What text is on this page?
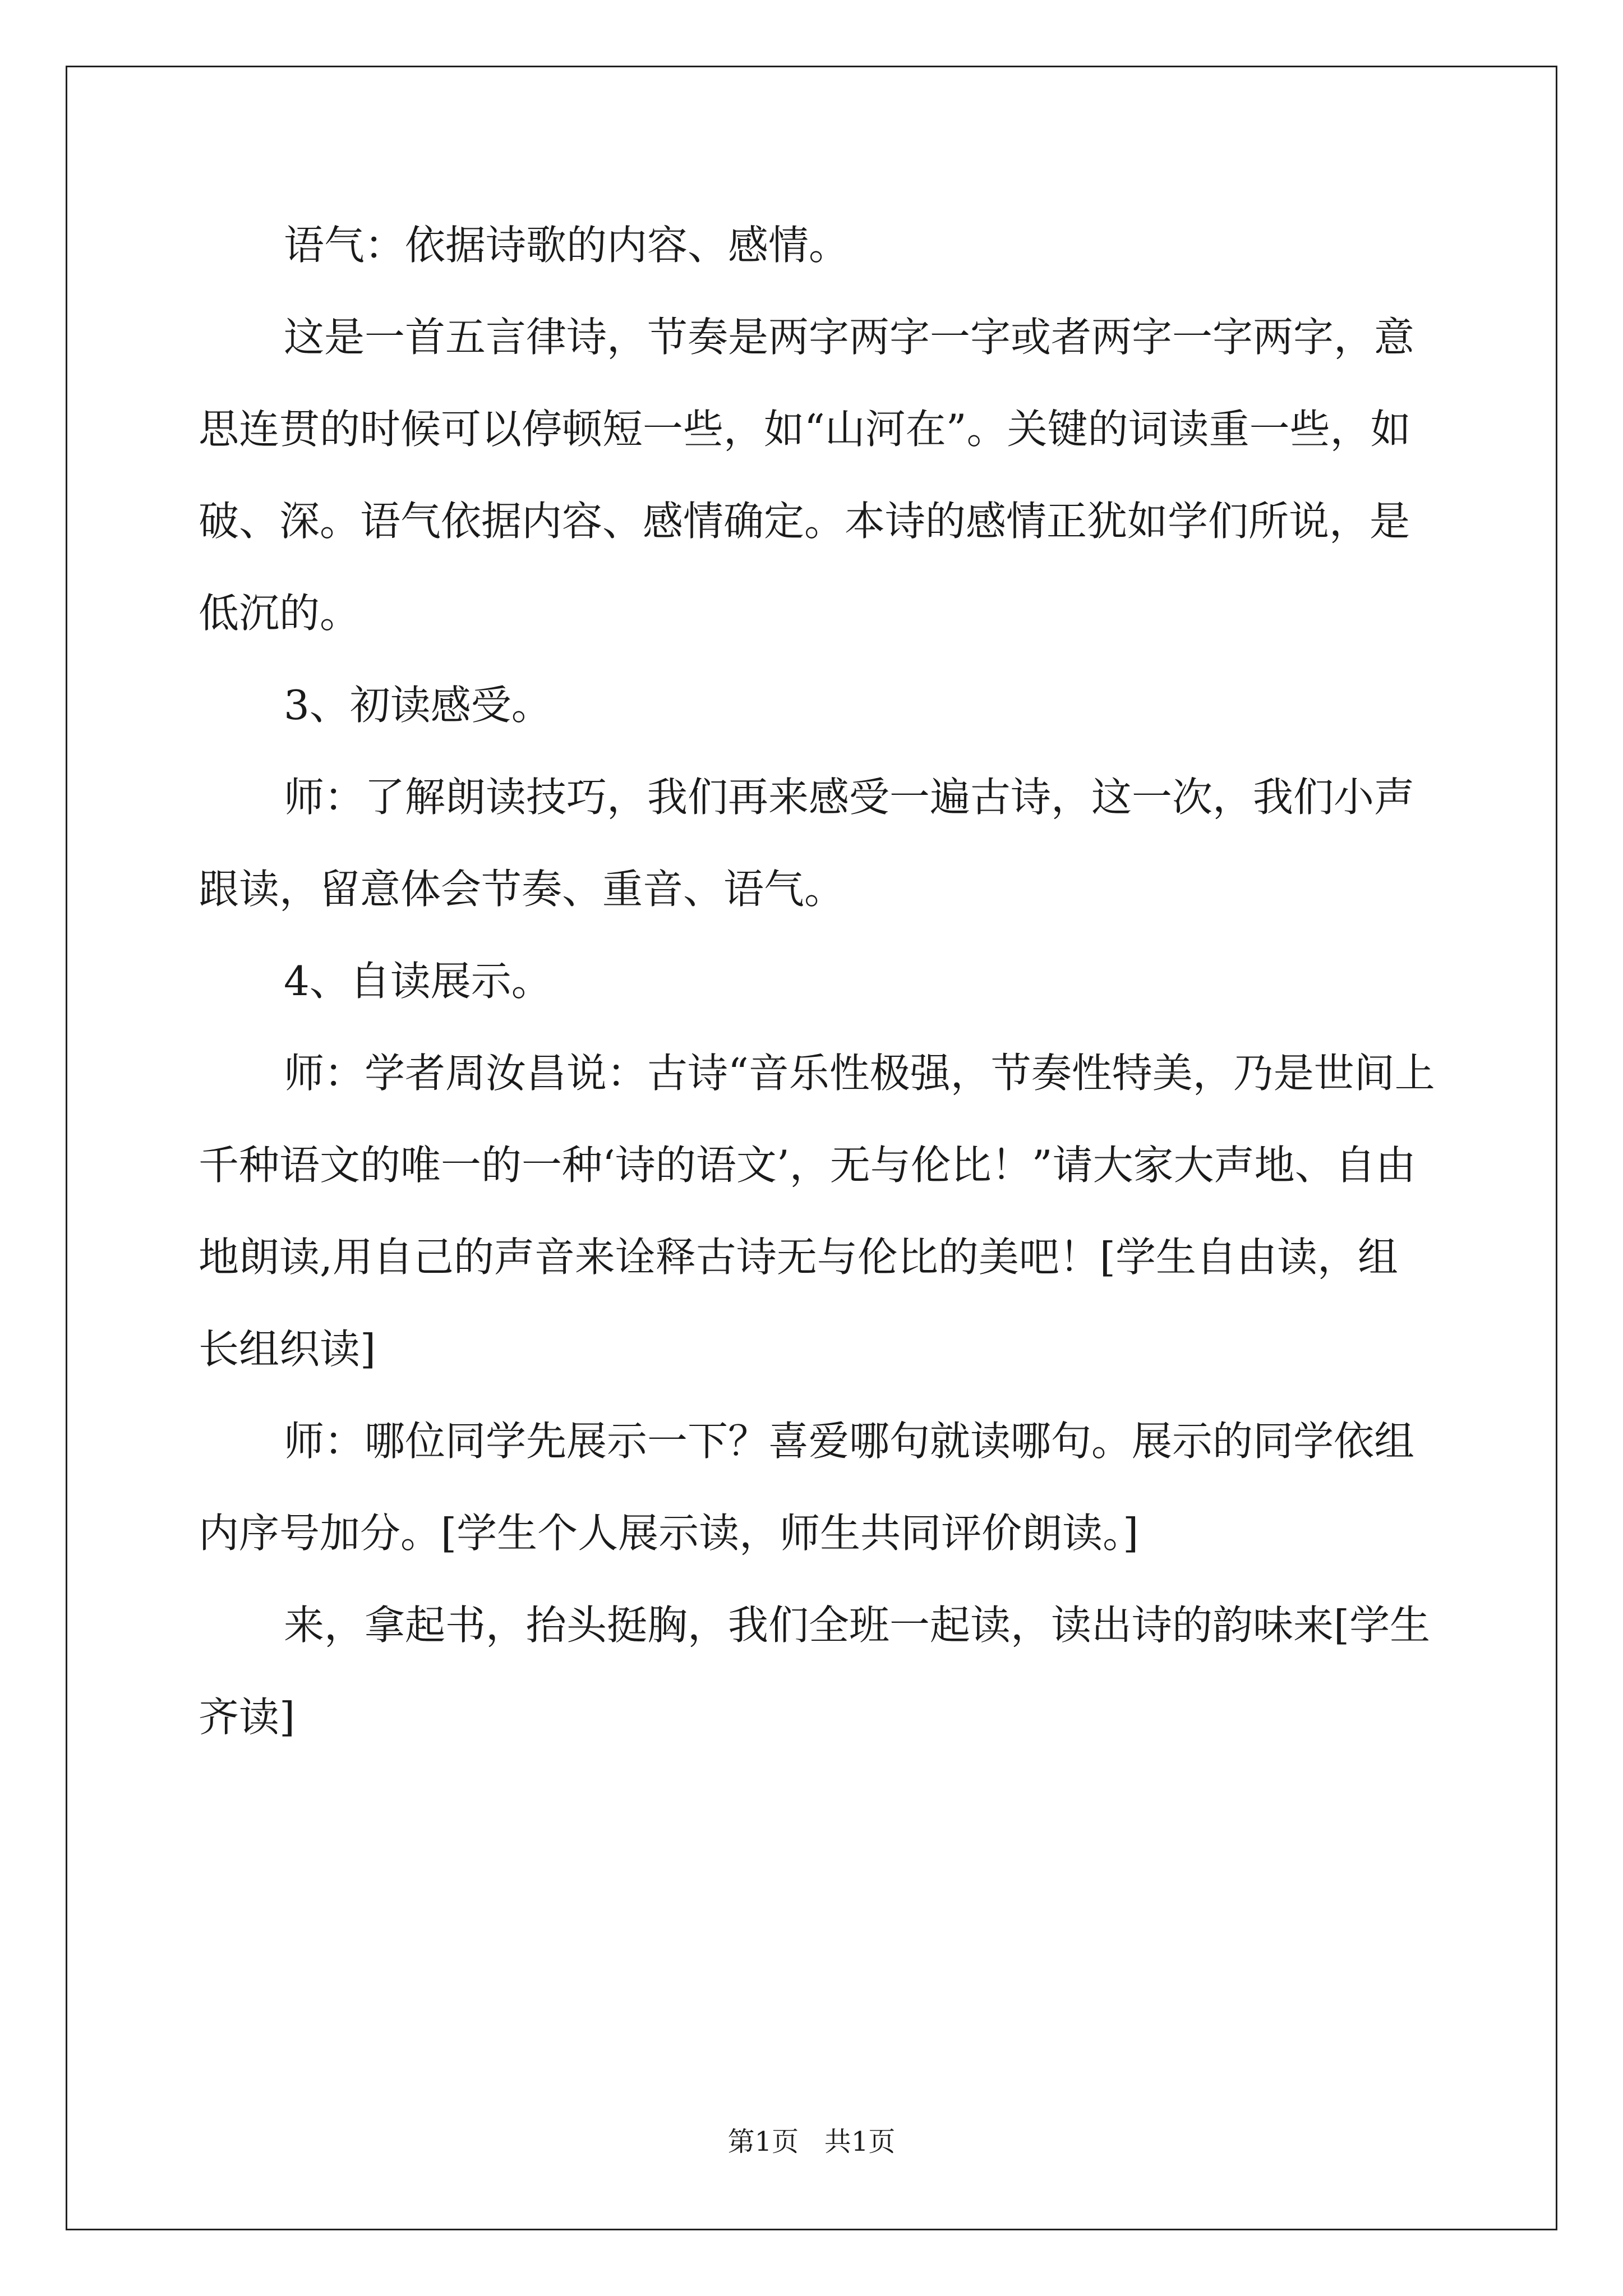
语气：依据诗歌的内容、感情。

这是一首五言律诗，节奏是两字两字一字或者两字一字两字，意思连贯的时候可以停顿短一些，如“山河在”。关键的词读重一些，如破、深。语气依据内容、感情确定。本诗的感情正犹如学们所说，是低沉的。

3、初读感受。

师：了解朗读技巧，我们再来感受一遍古诗，这一次，我们小声跟读，留意体会节奏、重音、语气。

4、自读展示。

师：学者周汝昌说：古诗“音乐性极强，节奏性特美，乃是世间上千种语文的唯一的一种‘诗的语文’，无与伦比！”请大家大声地、自由地朗读,用自己的声音来诠释古诗无与伦比的美吧！[学生自由读，组长组织读]

师：哪位同学先展示一下？喜爱哪句就读哪句。展示的同学依组内序号加分。[学生个人展示读，师生共同评价朗读。]

来，拿起书，抬头挺胸，我们全班一起读，读出诗的韵味来[学生齐读]

第1页 共1页
